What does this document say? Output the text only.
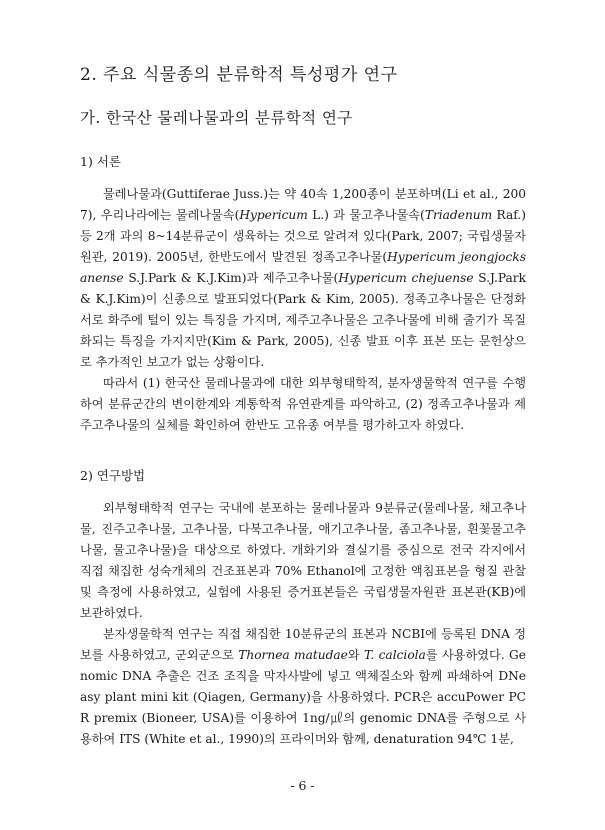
2. 주요 식물종의 분류학적 특성평가 연구
가. 한국산 물레나물과의 분류학적 연구
1) 서론

물레나물과(Guttiferae Juss.)는 약 40속 1,200종이 분포하며(Li et al., 2007), 우리나라에는 물레나물속(Hypericum L.) 과 물고추나물속(Triadenum Raf.) 등 2개 과의 8~14분류군이 생육하는 것으로 알려져 있다(Park, 2007; 국립생물자원관, 2019). 2005년, 한반도에서 발견된 정족고추나물(Hypericum jeongjocksanense S.J.Park & K.J.Kim)과 제주고추나물(Hypericum chejuense S.J.Park & K.J.Kim)이 신종으로 발표되었다(Park & Kim, 2005). 정족고추나물은 단정화서로 화주에 털이 있는 특징을 가지며, 제주고추나물은 고추나물에 비해 줄기가 목질화되는 특징을 가지지만(Kim & Park, 2005), 신종 발표 이후 표본 또는 문헌상으로 추가적인 보고가 없는 상황이다.

따라서 (1) 한국산 물레나물과에 대한 외부형태학적, 분자생물학적 연구를 수행하여 분류군간의 변이한계와 계통학적 유연관계를 파악하고, (2) 정족고추나물과 제주고추나물의 실체를 확인하여 한반도 고유종 여부를 평가하고자 하였다.

2) 연구방법

외부형태학적 연구는 국내에 분포하는 물레나물과 9분류군(물레나물, 채고추나물, 진주고추나물, 고추나물, 다북고추나물, 애기고추나물, 좀고추나물, 흰꽃물고추나물, 물고추나물)을 대상으로 하였다. 개화기와 결실기를 중심으로 전국 각지에서 직접 채집한 성숙개체의 건조표본과 70% Ethanol에 고정한 액침표본을 형질 관찰 및 측정에 사용하였고, 실험에 사용된 증거표본들은 국립생물자원관 표본관(KB)에 보관하였다.

분자생물학적 연구는 직접 채집한 10분류군의 표본과 NCBI에 등록된 DNA 정보를 사용하였고, 군외군으로 Thornea matudae와 T. calciola를 사용하였다. Genomic DNA 추출은 건조 조직을 막자사발에 넣고 액체질소와 함께 파쇄하여 DNeasy plant mini kit (Qiagen, Germany)을 사용하였다. PCR은 accuPower PCR premix (Bioneer, USA)를 이용하여 1ng/㎕의 genomic DNA를 주형으로 사용하여 ITS (White et al., 1990)의 프라이머와 함께, denaturation 94℃ 1분,

- 6 -
